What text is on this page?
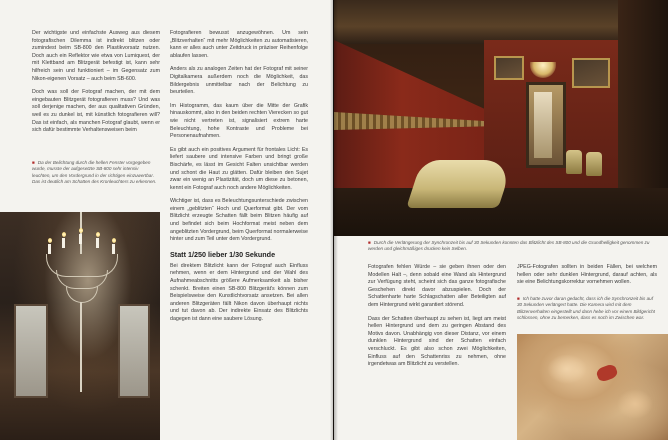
Der wichtigste und einfachste Ausweg aus diesem fotografischen Dilemma ist indirekt blitzen oder zumindest beim SB-800 den Plastikvorsatz nutzen. Doch auch ein Reflektor wie etwa von Lumiquest, der mit Klettband am Blitzgerät befestigt ist, kann sehr hilfreich sein und funktioniert – im Gegensatz zum Nikon-eigenen Vorsatz – auch beim SB-600.

Doch was soll der Fotograf machen, der mit dem eingebauten Blitzgerät fotografieren muss? Und was soll derjenige machen, der aus qualitativen Gründen, weil es zu dunkel ist, mit künstlich fotografieren will? Das ist einfach, als manchen Fotograf glaubt, wenn er sich dafür bestimmte Verhaltensweisen beim

■ Da der Belichtung durch die hellen Fenster vorgegeben wurde, musste der aufgesetzte SB-800 sehr intensiv leuchten, um den Vordergrund in der richtigen einzuwertbar. Das ist deutlich am Schatten des Kronleuchters zu erkennen.

Fotografieren bewusst anzugewöhnen. Um sein „Blitzverhalten“ mit mehr Möglichkeiten zu automatisieren, kann er alles auch unter Zeitdruck in präziser Reihenfolge ablaufen lassen.

Anders als zu analogen Zeiten hat der Fotograf mit seiner Digitalkamera außerdem noch die Möglichkeit, das Bildergebnis unmittelbar nach der Belichtung zu beurteilen.

Im Histogramm, das kaum über die Mitte der Grafik hinauskommt, also in den beiden rechten Vierecken so gut wie nicht vertreten ist, signalisiert extrem harte Beleuchtung, hohe Kontraste und Probleme bei Personenaufnahmen.

Es gibt auch ein positives Argument für frontales Licht: Es liefert saubere und intensive Farben und bringt große Bischärfe, es lässt im Gesicht Falten unsichtbar werden und schont die Haut zu glätten. Dafür bleiben den Sujet zwar ein wenig an Plastizität, doch um diese zu betonen, kennt ein Fotograf auch noch andere Möglichkeiten.

Wichtiger ist, dass es Beleuchtungsunterschiede zwischen einem „geblitzten“ Hoch und Querformat gibt. Der vom Blitzlicht erzeugte Schatten fällt beim Blitzen häufig auf und befindet sich beim Hochformat meist neben dem angeblitzten Vordergrund, beim Querformat normalerweise hinter und zum Teil unter dem Vordergrund.

Statt 1/250 lieber 1/30 Sekunde

Bei direktem Blitzlicht kann der Fotograf auch Einfluss nehmen, wenn er dem Hintergrund und der Wahl des Aufnahmeabschnitts größere Aufmerksamkeit als bisher schenkt. Breiten einen SB-800 Blitzgerät's können zum Beispielsweise den Kunstlichtvorsatz ansetzen. Bei allen anderen Blitzgeräten fällt Nikon davon überhaupt nichts und tut davon ab. Der indirekte Einsatz des Blitzlichts dagegen ist dann eine saubere Lösung.

■ Durch die Verlängerung der Synchronzeit bis auf 30 Sekunden konnten das Blitzlicht des SB-800 und die Grundhelligkeit genommen zu werden und gleichmäßiges drucken kein Selben.

Fotografen fehlen Würde – sie geben ihnen oder den Modellen Halt –, denn sobald eine Wand als Hintergrund zur Verfügung steht, scheint sich das ganze fotografische Geschehen direkt davor abzuspielen. Doch der Schattenharte harte Schlagschatten aller Beteiligten auf dem Hintergrund wirkt garantiert störend.

Dass der Schatten überhaupt zu sehen ist, liegt am meist hellen Hintergrund und dem zu geringen Abstand des Motivs davon. Unabhängig von dieser Distanz, vor einem dunklen Hintergrund sind der Schatten einfach verschluckt. Es gibt also schon zwei Möglichkeiten, Einfluss auf den Schattenriss zu nehmen, ohne irgendetwas am Blitzlicht zu verstellen.

JPEG-Fotografen sollten in beiden Fällen, bei welchem hellen oder sehr dunklen Hintergrund, darauf achten, als sie eine Belichtungskorrektur vornehmen wollen.

■ Ich hatte zuvor daran gedacht, dass ich die Synchronzeit bis auf 30 Sekunden verlängert hatte. Die Kamera wird mit dem Blitzenverhalten eingestellt und dann hebe ich vor einem Bildgericht schlossen, ohne zu bemerken, dass es noch im Zwischen war.
